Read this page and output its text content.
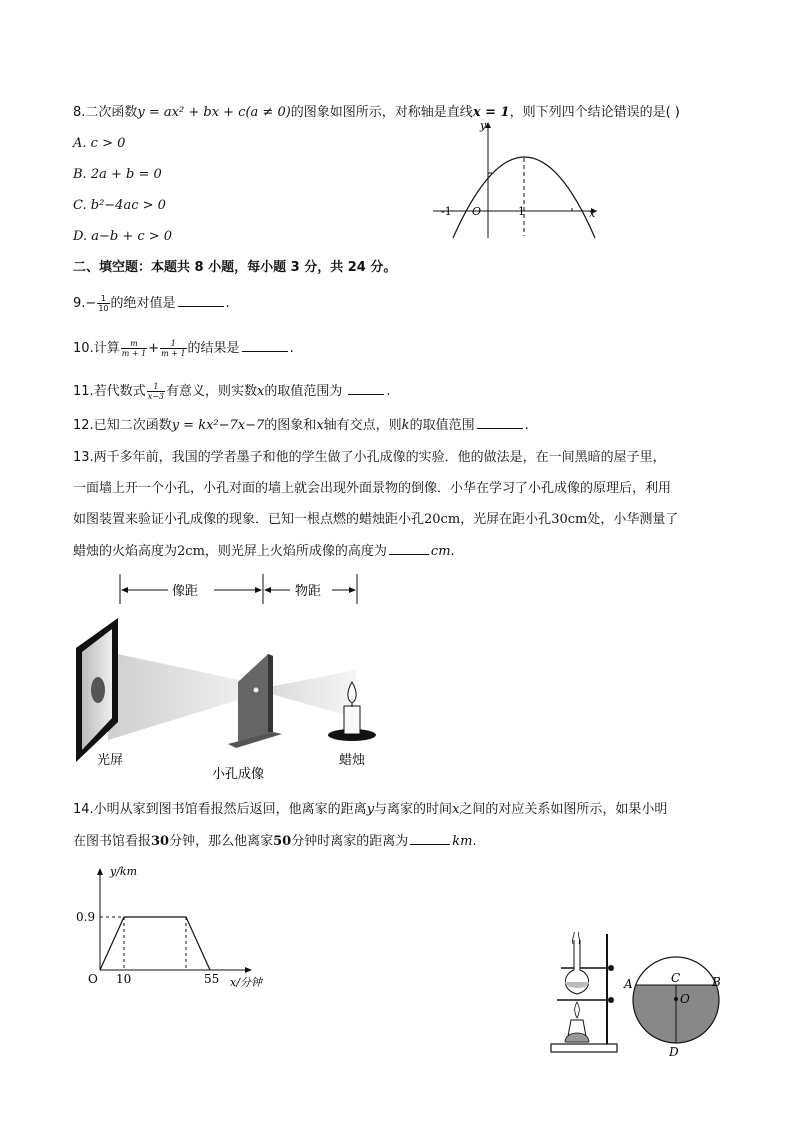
8.二次函数y = ax² + bx + c(a ≠ 0)的图象如图所示，对称轴是直线x = 1，则下列四个结论错误的是( )
A. c > 0
B. 2a + b = 0
C. b²−4ac > 0
D. a−b + c > 0
y
x
O
-1	1
二、填空题：本题共 8 小题，每小题 3 分，共 24 分。
$9.- \frac{1}{10}$ 的绝对值是	.
10.计算 $\frac{m}{m + 1} + \frac{1}{m + 1}$ 的结果是	.
11.若代数式 $\frac{1}{x-3}$ 有意义，则实数x的取值范围为	.
12.已知二次函数y = kx²−7x−7的图象和x轴有交点，则k的取值范围	.
13.两千多年前，我国的学者墨子和他的学生做了小孔成像的实验．他的做法是，在一间黑暗的屋子里，
一面墙上开一个小孔，小孔对面的墙上就会出现外面景物的倒像．小华在学习了小孔成像的原理后，利用
如图装置来验证小孔成像的现象．已知一根点燃的蜡烛距小孔20cm，光屏在距小孔30cm处，小华测量了
蜡烛的火焰高度为2cm，则光屏上火焰所成像的高度为	cm.
像距	物距
光屏
小孔成像
蜡烛
14.小明从家到图书馆看报然后返回，他离家的距离y与离家的时间x之间的对应关系如图所示，如果小明
在图书馆看报30分钟，那么他离家50分钟时离家的距离为	km.
y/km
x/分钟
O
0.9
10	55	A	B
C
D
O
